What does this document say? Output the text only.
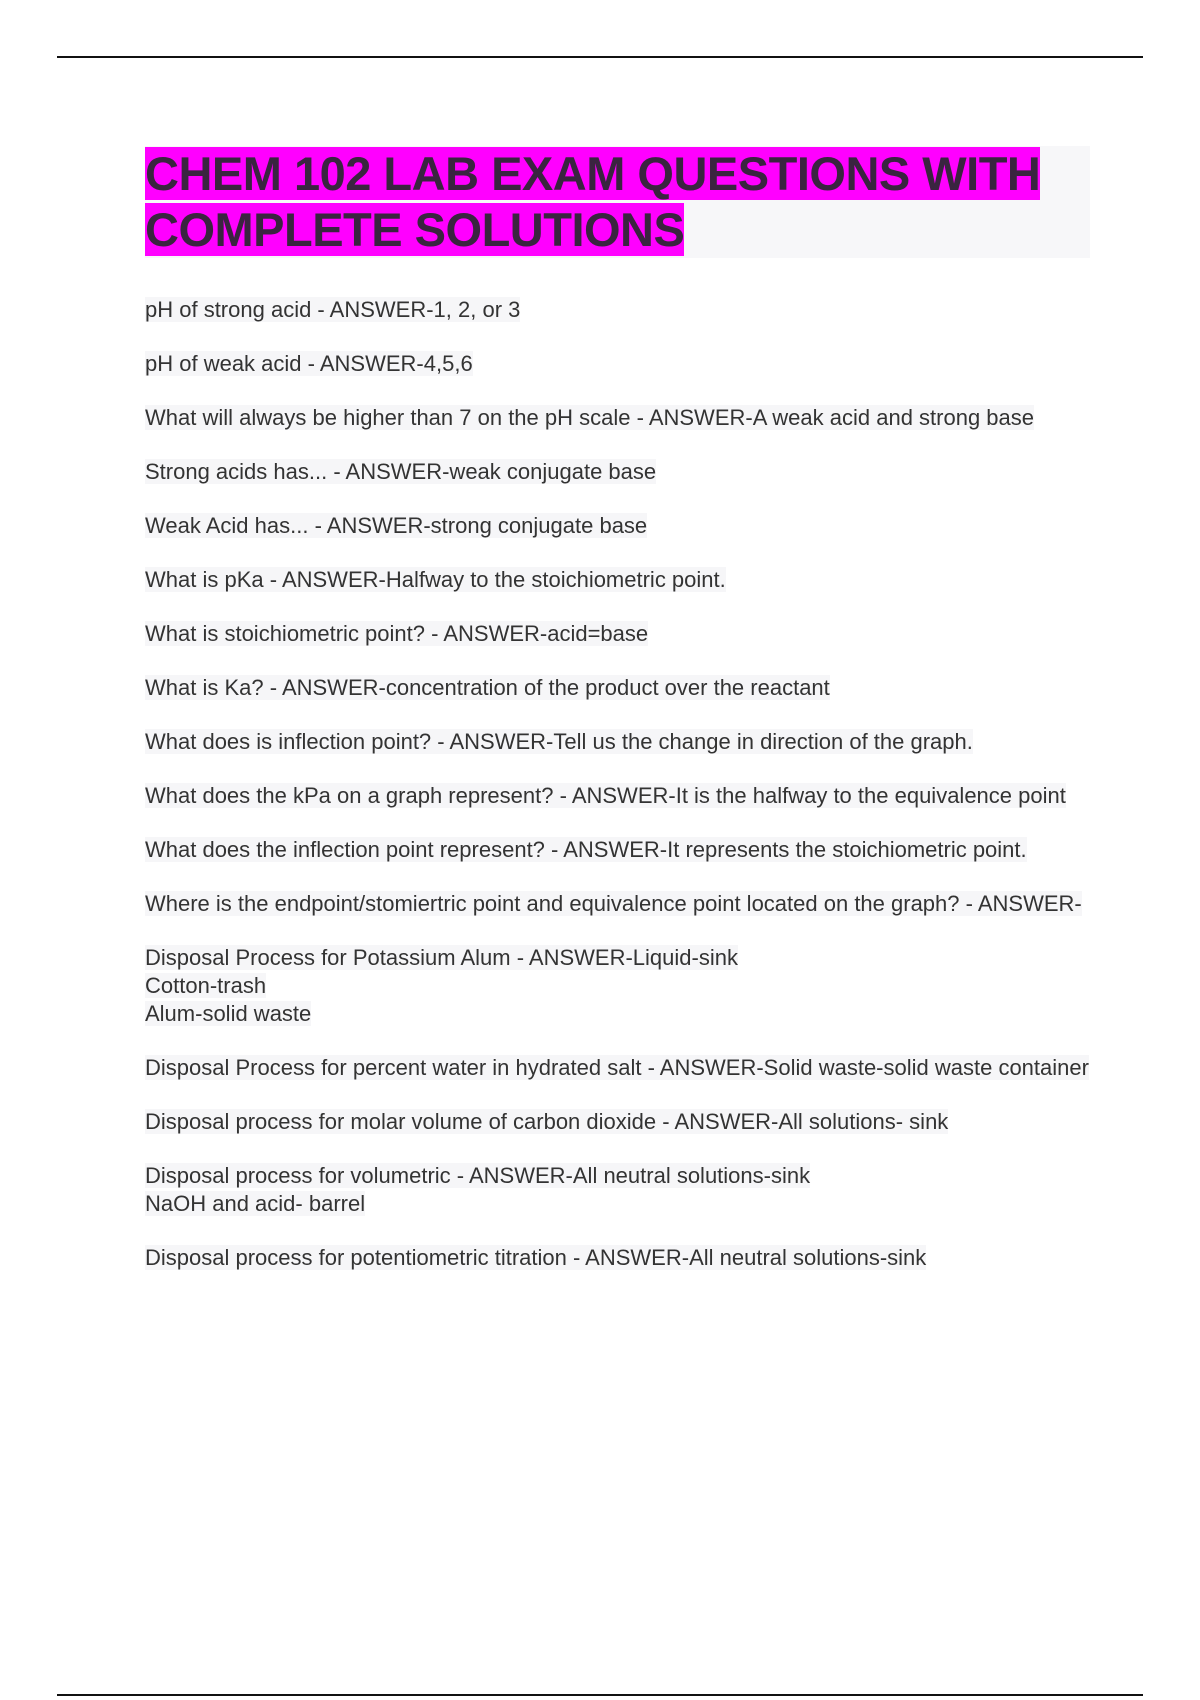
CHEM 102 LAB EXAM QUESTIONS WITH COMPLETE SOLUTIONS
pH of strong acid - ANSWER-1, 2, or 3
pH of weak acid - ANSWER-4,5,6
What will always be higher than 7 on the pH scale - ANSWER-A weak acid and strong base
Strong acids has... - ANSWER-weak conjugate base
Weak Acid has... - ANSWER-strong conjugate base
What is pKa - ANSWER-Halfway to the stoichiometric point.
What is stoichiometric point? - ANSWER-acid=base
What is Ka? - ANSWER-concentration of the product over the reactant
What does is inflection point? - ANSWER-Tell us the change in direction of the graph.
What does the kPa on a graph represent? - ANSWER-It is the halfway to the equivalence point
What does the inflection point represent? - ANSWER-It represents the stoichiometric point.
Where is the endpoint/stomiertric point and equivalence point located on the graph? - ANSWER-
Disposal Process for Potassium Alum - ANSWER-Liquid-sink
Cotton-trash
Alum-solid waste
Disposal Process for percent water in hydrated salt - ANSWER-Solid waste-solid waste container
Disposal process for molar volume of carbon dioxide - ANSWER-All solutions- sink
Disposal process for volumetric - ANSWER-All neutral solutions-sink
NaOH and acid- barrel
Disposal process for potentiometric titration - ANSWER-All neutral solutions-sink
